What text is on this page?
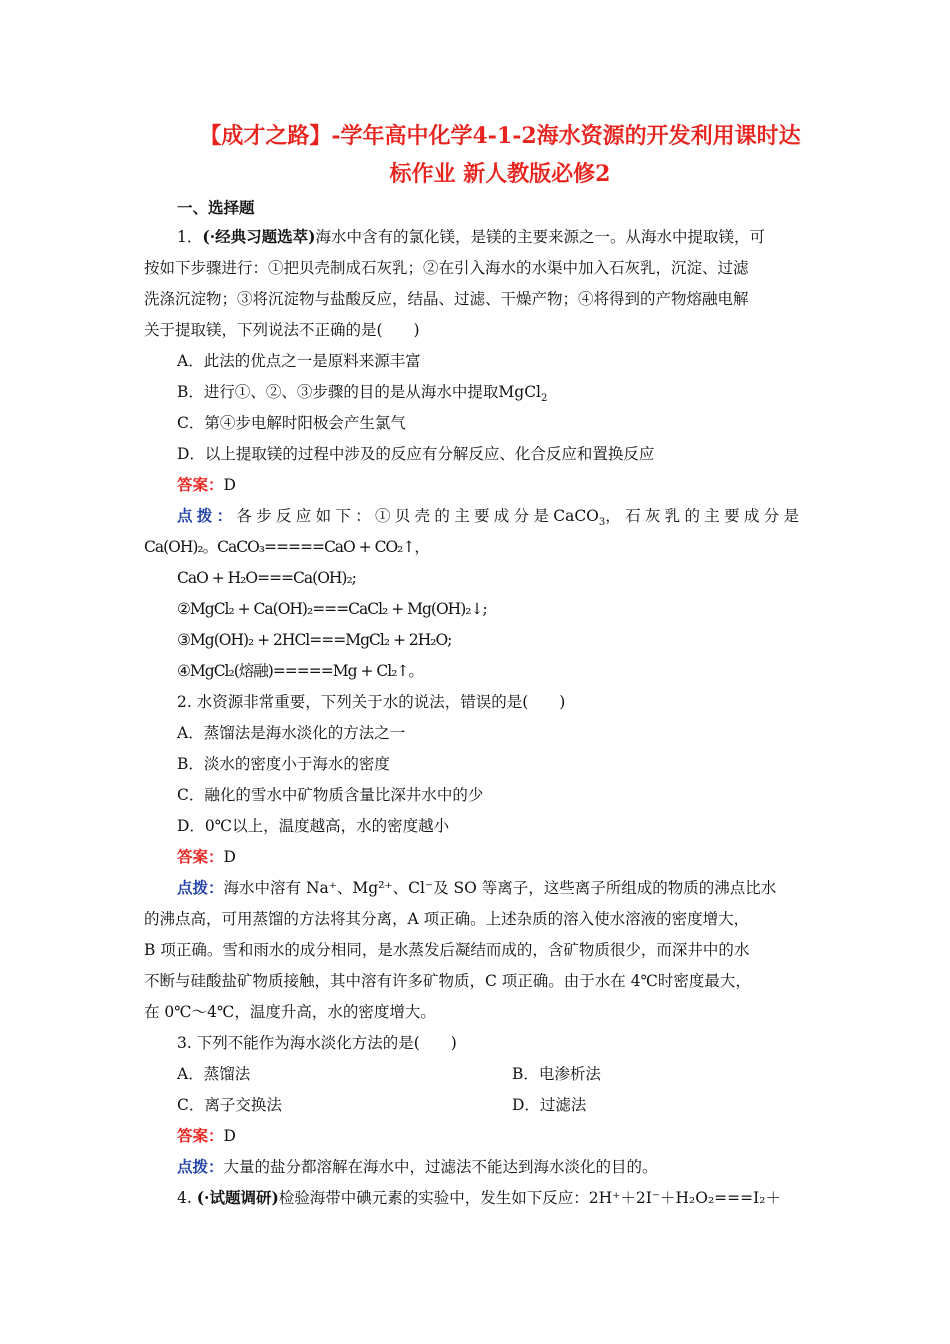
【成才之路】-学年高中化学4-1-2海水资源的开发利用课时达
标作业 新人教版必修2
一、选择题
1．(·经典习题选萃)海水中含有的氯化镁，是镁的主要来源之一。从海水中提取镁，可
按如下步骤进行：①把贝壳制成石灰乳；②在引入海水的水渠中加入石灰乳，沉淀、过滤
洗涤沉淀物；③将沉淀物与盐酸反应，结晶、过滤、干燥产物；④将得到的产物熔融电解
关于提取镁，下列说法不正确的是(　　)
A．此法的优点之一是原料来源丰富
B．进行①、②、③步骤的目的是从海水中提取MgCl$_2$
C．第④步电解时阳极会产生氯气
D．以上提取镁的过程中涉及的反应有分解反应、化合反应和置换反应
答案：D
点拨：各步反应如下：①贝壳的主要成分是CaCO$_3$，石灰乳的主要成分是
Ca(OH)₂。CaCO₃=====CaO + CO₂↑，
CaO + H₂O===Ca(OH)₂;
②MgCl₂ + Ca(OH)₂===CaCl₂ + Mg(OH)₂↓;
③Mg(OH)₂ + 2HCl===MgCl₂ + 2H₂O;
④MgCl₂(熔融)=====Mg + Cl₂↑。
2. 水资源非常重要，下列关于水的说法，错误的是(　　)
A．蒸馏法是海水淡化的方法之一
B．淡水的密度小于海水的密度
C．融化的雪水中矿物质含量比深井水中的少
D．0℃以上，温度越高，水的密度越小
答案：D
点拨：海水中溶有 Na⁺、Mg²⁺、Cl⁻及 SO 等离子，这些离子所组成的物质的沸点比水
的沸点高，可用蒸馏的方法将其分离，A 项正确。上述杂质的溶入使水溶液的密度增大，
B 项正确。雪和雨水的成分相同，是水蒸发后凝结而成的，含矿物质很少，而深井中的水
不断与硅酸盐矿物质接触，其中溶有许多矿物质，C 项正确。由于水在 4℃时密度最大，
在 0℃～4℃，温度升高，水的密度增大。
3. 下列不能作为海水淡化方法的是(　　)
A．蒸馏法	B．电渗析法
C．离子交换法	D．过滤法
答案：D
点拨：大量的盐分都溶解在海水中，过滤法不能达到海水淡化的目的。
4. (·试题调研)检验海带中碘元素的实验中，发生如下反应：2H⁺＋2I⁻＋H₂O₂===I₂＋
